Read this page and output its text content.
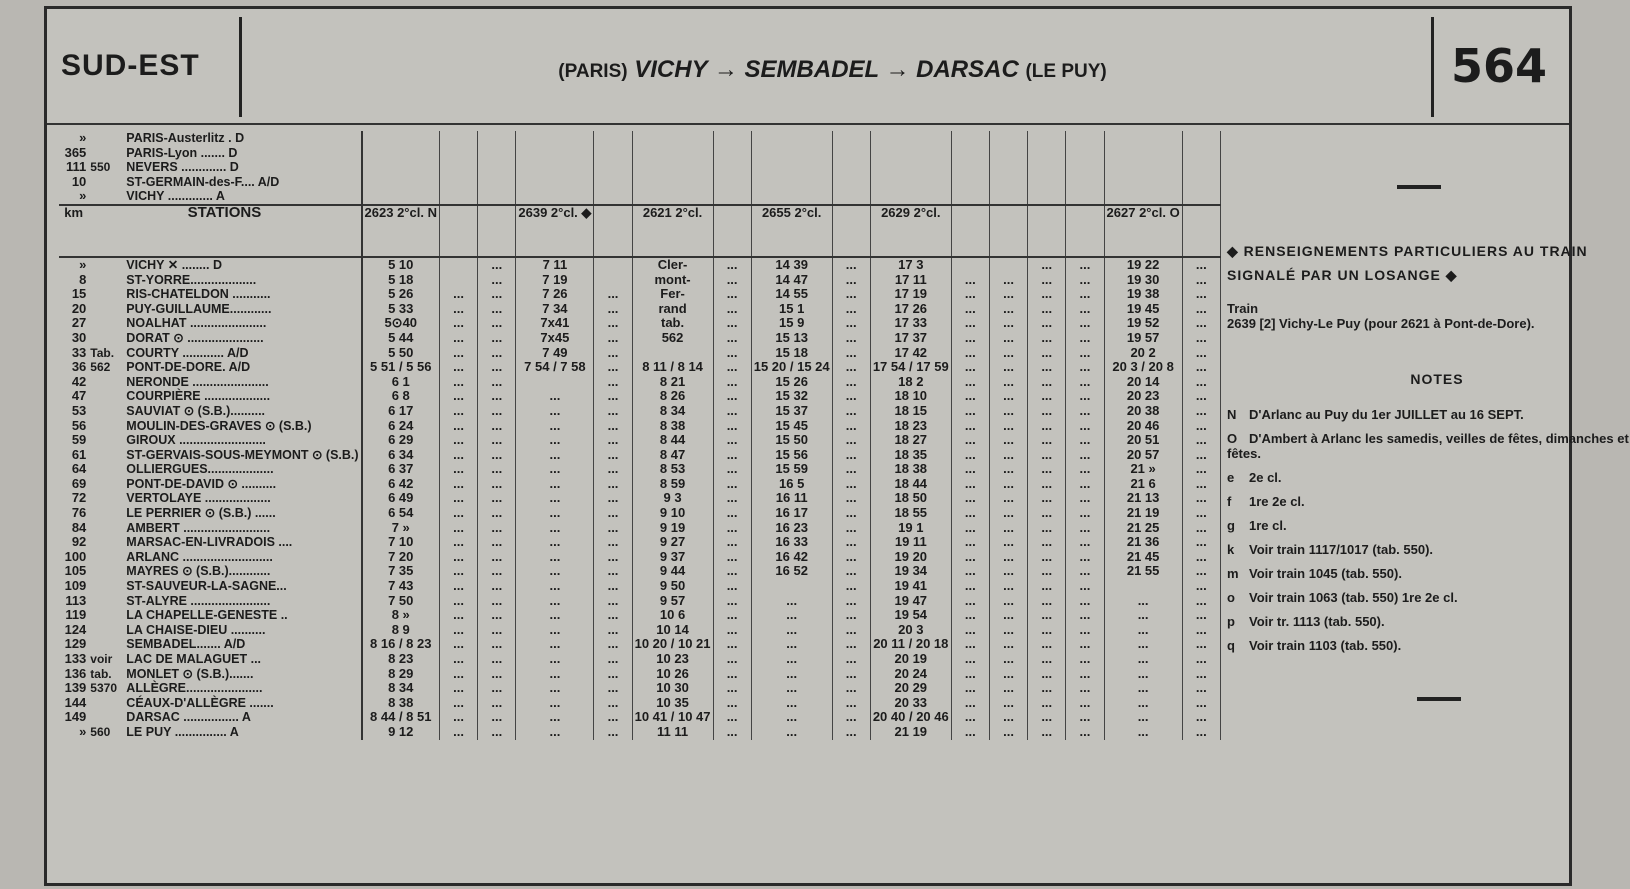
SUD-EST	(PARIS) VICHY → SEMBADEL → DARSAC (LE PUY)	564
»		PARIS-Austerlitz . D																
365		PARIS-Lyon ....... D																
111	550	NEVERS ............. D																
10		ST-GERMAIN-des-F.... A/D																
»		VICHY ............. A																
km	STATIONS		2623 2°cl. N			2639 2°cl. ◆		2621 2°cl.		2655 2°cl.		2629 2°cl.					2627 2°cl. O	
»		VICHY ✕ ........ D	5 10		...	7 11		Cler-	...	14 39	...	17 3			...	...	19 22	...
8		ST-YORRE...................	5 18		...	7 19		mont-	...	14 47	...	17 11	...	...	...	...	19 30	...
15		RIS-CHATELDON ...........	5 26	...	...	7 26	...	Fer-	...	14 55	...	17 19	...	...	...	...	19 38	...
20		PUY-GUILLAUME............	5 33	...	...	7 34	...	rand	...	15 1	...	17 26	...	...	...	...	19 45	...
27		NOALHAT ......................	5⊙40	...	...	7x41	...	tab.	...	15 9	...	17 33	...	...	...	...	19 52	...
30		DORAT ⊙ ......................	5 44	...	...	7x45	...	562	...	15 13	...	17 37	...	...	...	...	19 57	...
33	Tab.	COURTY ............ A/D	5 50	...	...	7 49	...		...	15 18	...	17 42	...	...	...	...	20 2	...
36	562	PONT-DE-DORE. A/D	5 51 / 5 56	...	...	7 54 / 7 58	...	8 11 / 8 14	...	15 20 / 15 24	...	17 54 / 17 59	...	...	...	...	20 3 / 20 8	...
42		NERONDE ......................	6 1	...	...		...	8 21	...	15 26	...	18 2	...	...	...	...	20 14	...
47		COURPIÈRE ...................	6 8	...	...	...	...	8 26	...	15 32	...	18 10	...	...	...	...	20 23	...
53		SAUVIAT ⊙ (S.B.)..........	6 17	...	...	...	...	8 34	...	15 37	...	18 15	...	...	...	...	20 38	...
56		MOULIN-DES-GRAVES ⊙ (S.B.)	6 24	...	...	...	...	8 38	...	15 45	...	18 23	...	...	...	...	20 46	...
59		GIROUX .........................	6 29	...	...	...	...	8 44	...	15 50	...	18 27	...	...	...	...	20 51	...
61		ST-GERVAIS-SOUS-MEYMONT ⊙ (S.B.)	6 34	...	...	...	...	8 47	...	15 56	...	18 35	...	...	...	...	20 57	...
64		OLLIERGUES...................	6 37	...	...	...	...	8 53	...	15 59	...	18 38	...	...	...	...	21 »	...
69		PONT-DE-DAVID ⊙ ..........	6 42	...	...	...	...	8 59	...	16 5	...	18 44	...	...	...	...	21 6	...
72		VERTOLAYE ...................	6 49	...	...	...	...	9 3	...	16 11	...	18 50	...	...	...	...	21 13	...
76		LE PERRIER ⊙ (S.B.) ......	6 54	...	...	...	...	9 10	...	16 17	...	18 55	...	...	...	...	21 19	...
84		AMBERT .........................	7 »	...	...	...	...	9 19	...	16 23	...	19 1	...	...	...	...	21 25	...
92		MARSAC-EN-LIVRADOIS ....	7 10	...	...	...	...	9 27	...	16 33	...	19 11	...	...	...	...	21 36	...
100		ARLANC ..........................	7 20	...	...	...	...	9 37	...	16 42	...	19 20	...	...	...	...	21 45	...
105		MAYRES ⊙ (S.B.)............	7 35	...	...	...	...	9 44	...	16 52	...	19 34	...	...	...	...	21 55	...
109		ST-SAUVEUR-LA-SAGNE...	7 43	...	...	...	...	9 50	...		...	19 41	...	...	...	...		...
113		ST-ALYRE .......................	7 50	...	...	...	...	9 57	...	...	...	19 47	...	...	...	...	...	...
119		LA CHAPELLE-GENESTE ..	8 »	...	...	...	...	10 6	...	...	...	19 54	...	...	...	...	...	...
124		LA CHAISE-DIEU ..........	8 9	...	...	...	...	10 14	...	...	...	20 3	...	...	...	...	...	...
129		SEMBADEL....... A/D	8 16 / 8 23	...	...	...	...	10 20 / 10 21	...	...	...	20 11 / 20 18	...	...	...	...	...	...
133	voir	LAC DE MALAGUET ...	8 23	...	...	...	...	10 23	...	...	...	20 19	...	...	...	...	...	...
136	tab.	MONLET ⊙ (S.B.).......	8 29	...	...	...	...	10 26	...	...	...	20 24	...	...	...	...	...	...
139	5370	ALLÈGRE......................	8 34	...	...	...	...	10 30	...	...	...	20 29	...	...	...	...	...	...
144		CÉAUX-D'ALLÈGRE .......	8 38	...	...	...	...	10 35	...	...	...	20 33	...	...	...	...	...	...
149		DARSAC ................ A	8 44 / 8 51	...	...	...	...	10 41 / 10 47	...	...	...	20 40 / 20 46	...	...	...	...	...	...
»	560	LE PUY ............... A	9 12	...	...	...	...	11 11	...	...	...	21 19	...	...	...	...	...	...
◆ RENSEIGNEMENTS PARTICULIERS AU TRAIN SIGNALÉ PAR UN LOSANGE ◆
Train
2639 [2] Vichy-Le Puy (pour 2621 à Pont-de-Dore).
NOTES
N D'Arlanc au Puy du 1er JUILLET au 16 SEPT.
O D'Ambert à Arlanc les samedis, veilles de fêtes, dimanches et fêtes.
e 2e cl.
f 1re 2e cl.
g 1re cl.
k Voir train 1117/1017 (tab. 550).
m Voir train 1045 (tab. 550).
o Voir train 1063 (tab. 550) 1re 2e cl.
p Voir tr. 1113 (tab. 550).
q Voir train 1103 (tab. 550).
